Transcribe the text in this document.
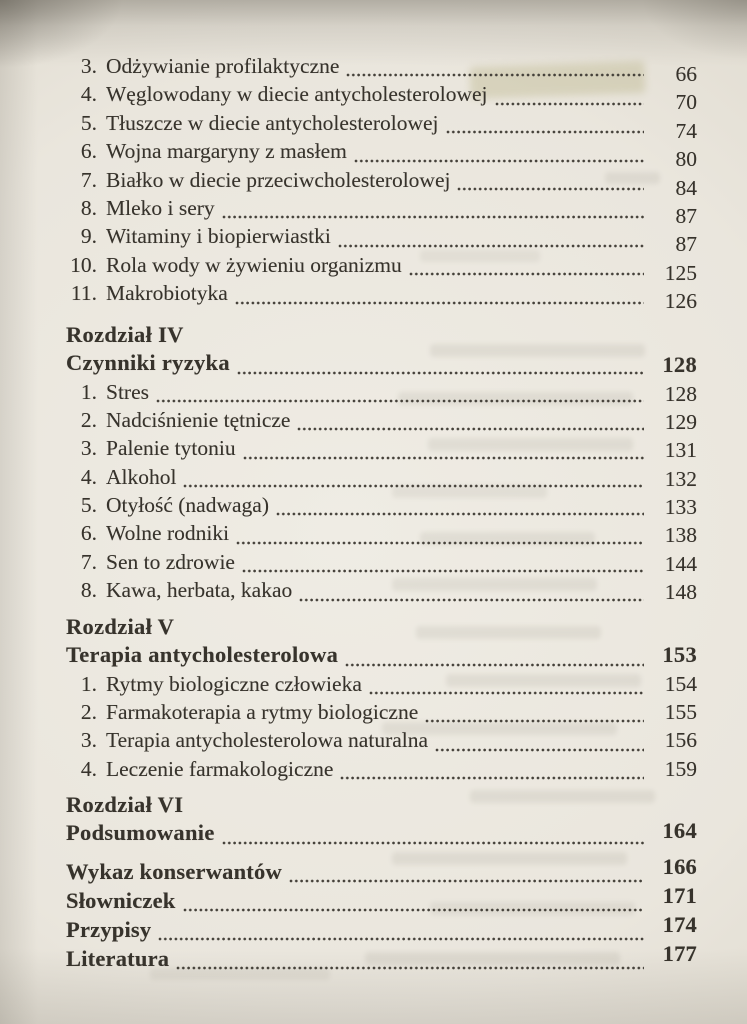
3. Odżywianie profilaktyczne	66
4. Węglowodany w diecie antycholesterolowej	70
5. Tłuszcze w diecie antycholesterolowej	74
6. Wojna margaryny z masłem	80
7. Białko w diecie przeciwcholesterolowej	84
8. Mleko i sery	87
9. Witaminy i biopierwiastki	87
10. Rola wody w żywieniu organizmu	125
11. Makrobiotyka	126
Rozdział IV
Czynniki ryzyka	128
1. Stres	128
2. Nadciśnienie tętnicze	129
3. Palenie tytoniu	131
4. Alkohol	132
5. Otyłość (nadwaga)	133
6. Wolne rodniki	138
7. Sen to zdrowie	144
8. Kawa, herbata, kakao	148
Rozdział V
Terapia antycholesterolowa	153
1. Rytmy biologiczne człowieka	154
2. Farmakoterapia a rytmy biologiczne	155
3. Terapia antycholesterolowa naturalna	156
4. Leczenie farmakologiczne	159
Rozdział VI
Podsumowanie	164
Wykaz konserwantów	166
Słowniczek	171
Przypisy	174
Literatura	177
